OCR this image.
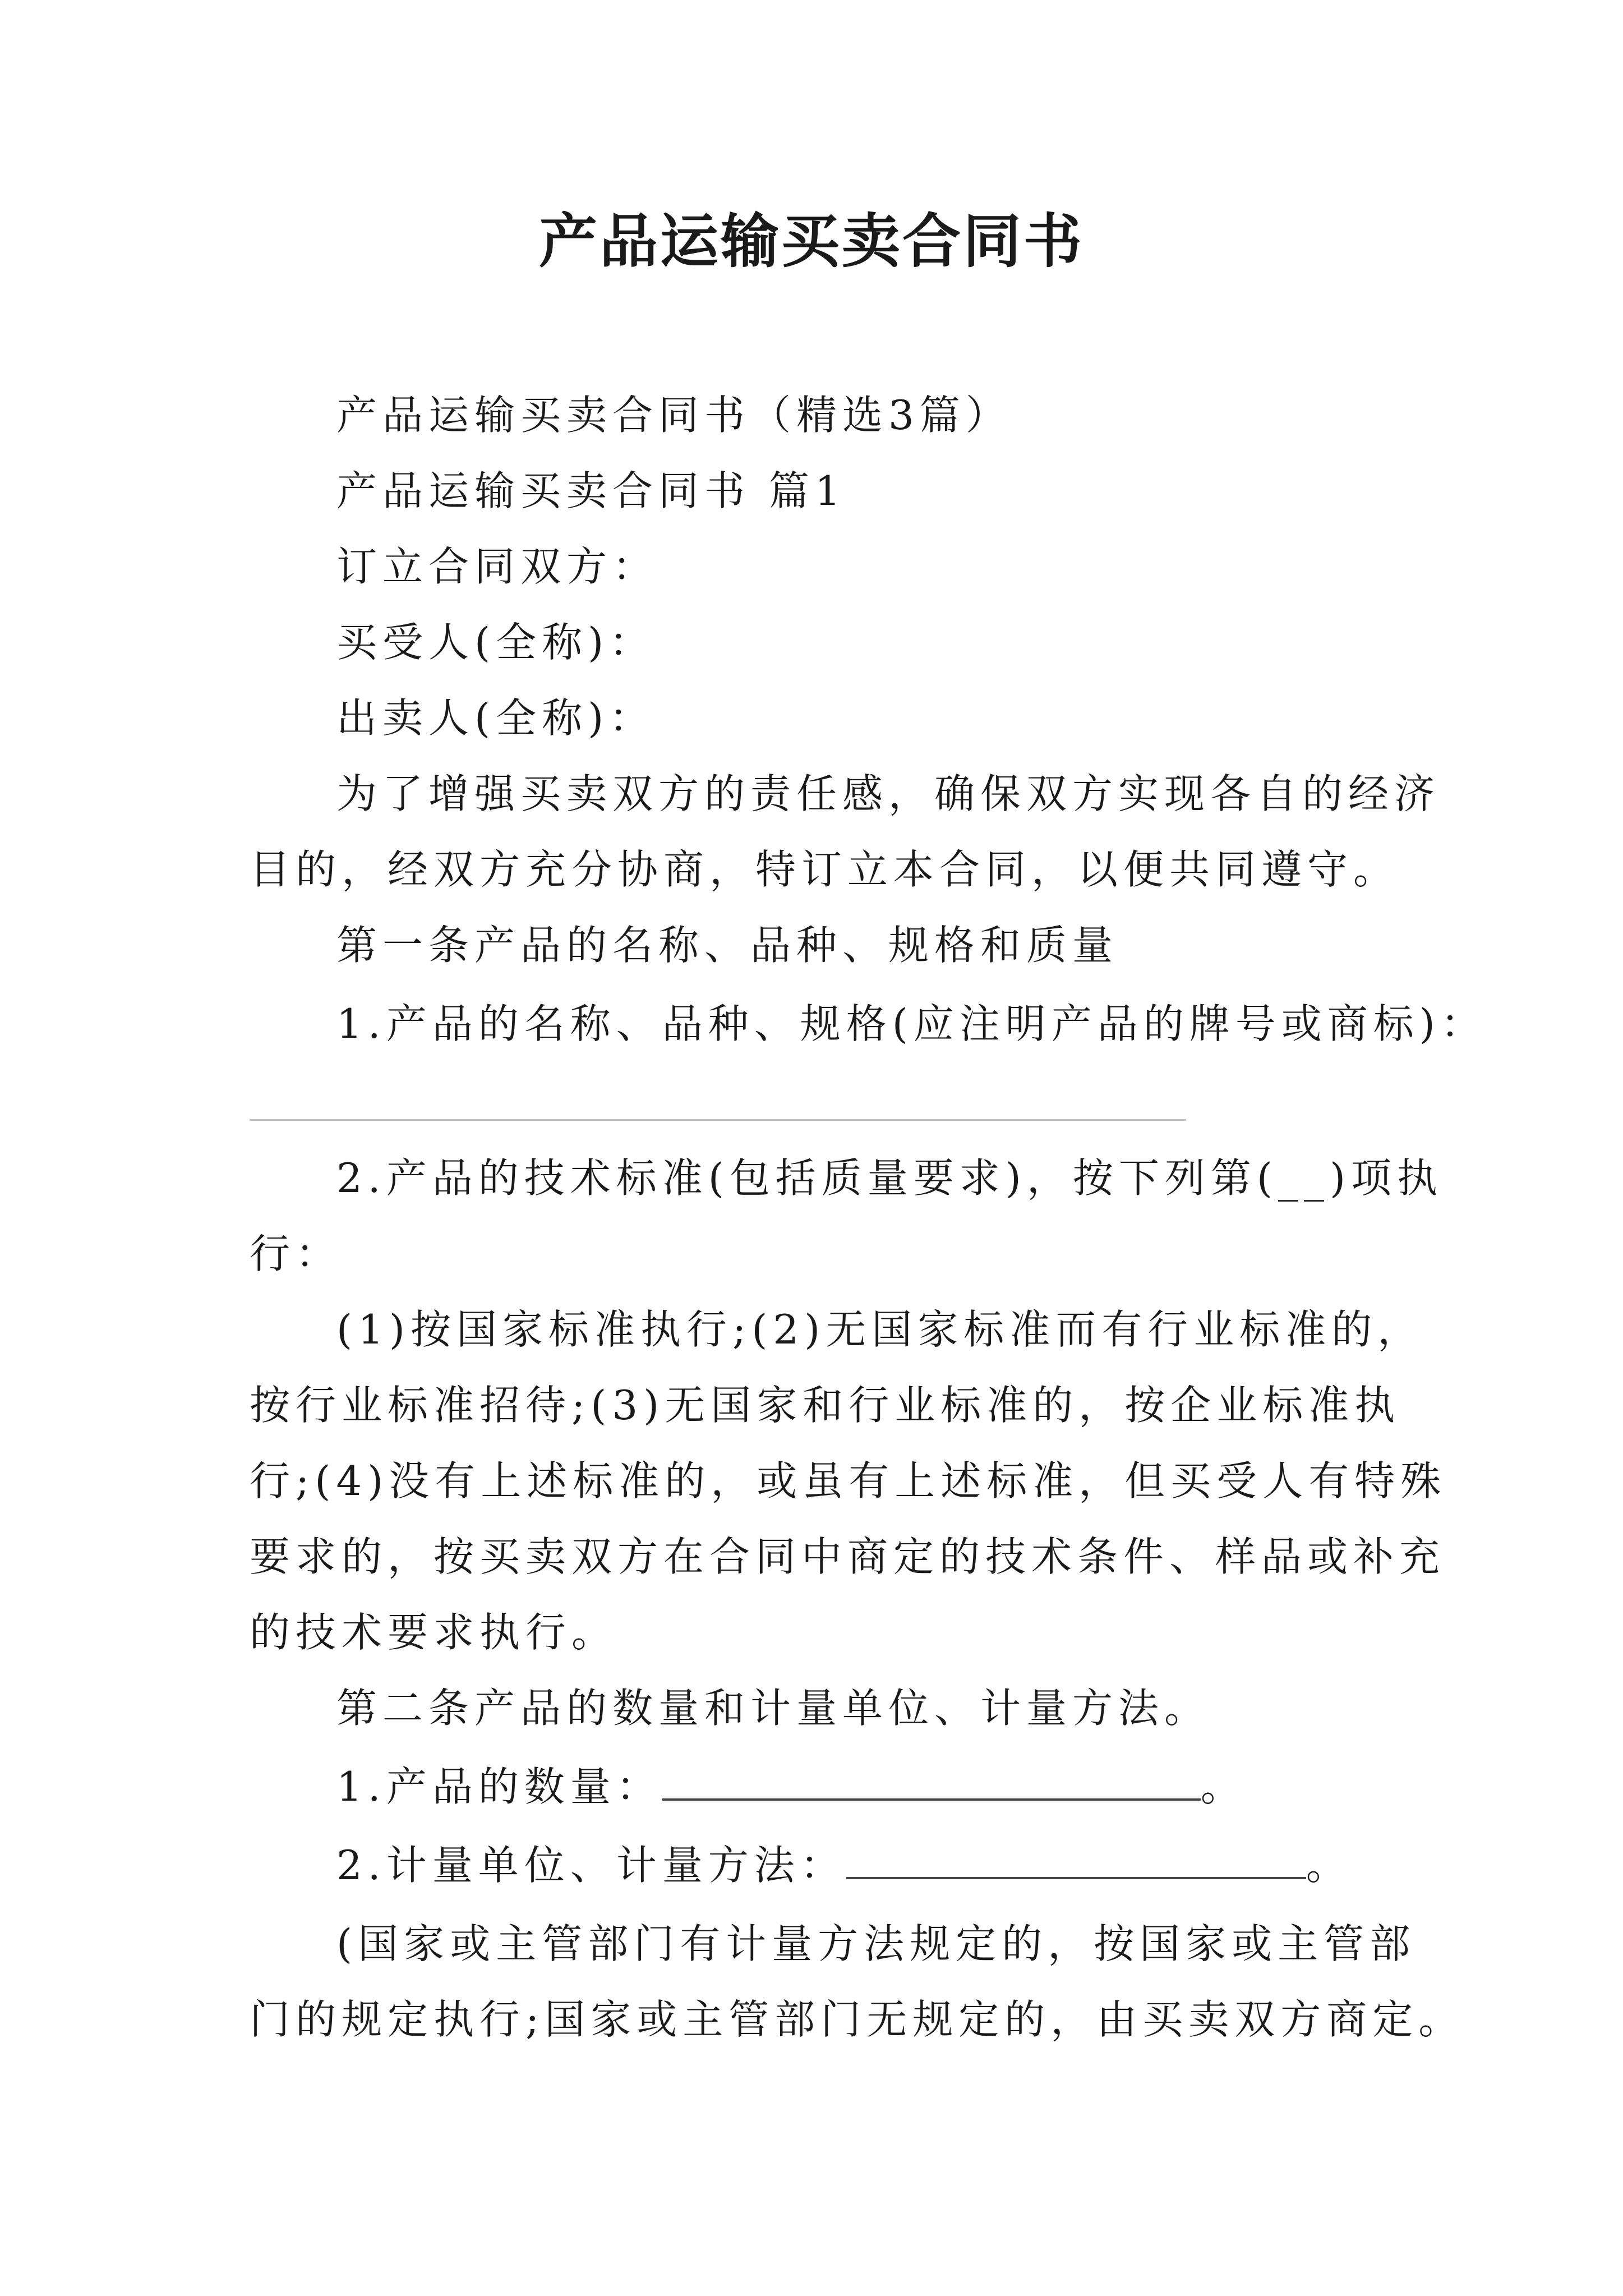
产品运输买卖合同书
产品运输买卖合同书（精选3篇）
产品运输买卖合同书 篇1
订立合同双方：
买受人(全称)：
出卖人(全称)：
为了增强买卖双方的责任感，确保双方实现各自的经济
目的，经双方充分协商，特订立本合同，以便共同遵守。
第一条产品的名称、品种、规格和质量
1.产品的名称、品种、规格(应注明产品的牌号或商标)：
2.产品的技术标准(包括质量要求)，按下列第(__)项执
行：
(1)按国家标准执行;(2)无国家标准而有行业标准的，
按行业标准招待;(3)无国家和行业标准的，按企业标准执
行;(4)没有上述标准的，或虽有上述标准，但买受人有特殊
要求的，按买卖双方在合同中商定的技术条件、样品或补充
的技术要求执行。
第二条产品的数量和计量单位、计量方法。
1.产品的数量：	。
2.计量单位、计量方法：	。
(国家或主管部门有计量方法规定的，按国家或主管部
门的规定执行;国家或主管部门无规定的，由买卖双方商定。
